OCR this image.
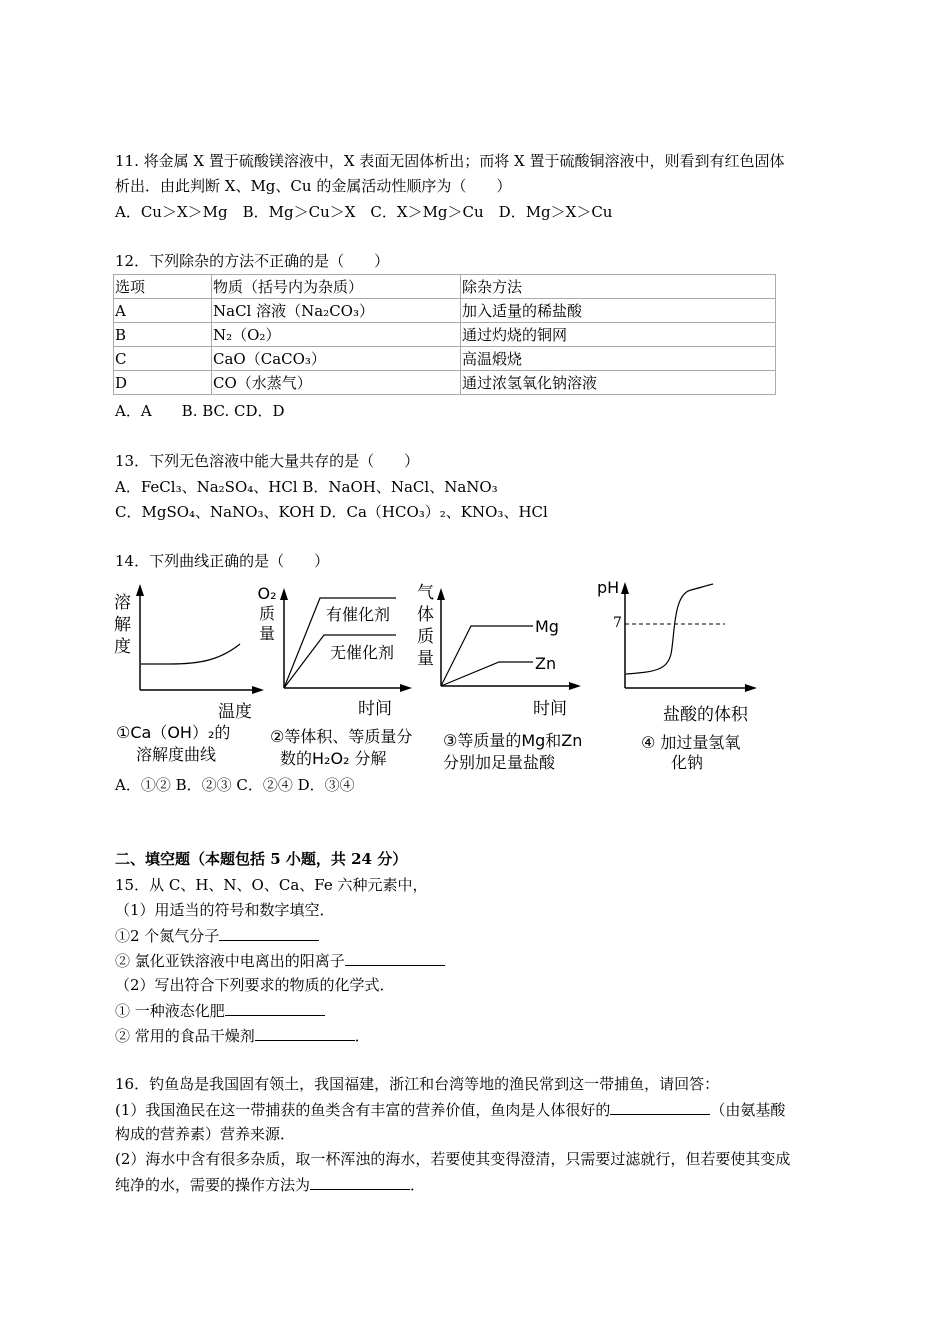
11. 将金属 X 置于硫酸镁溶液中，X 表面无固体析出；而将 X 置于硫酸铜溶液中，则看到有红色固体
析出．由此判断 X、Mg、Cu 的金属活动性顺序为（　　）
A．Cu＞X＞Mg　B．Mg＞Cu＞X　C．X＞Mg＞Cu　D．Mg＞X＞Cu
12．下列除杂的方法不正确的是（　　）
选项	物质（括号内为杂质）	除杂方法
A	NaCl 溶液（Na₂CO₃）	加入适量的稀盐酸
B	N₂（O₂）	通过灼烧的铜网
C	CaO（CaCO₃）	高温煅烧
D	CO（水蒸气）	通过浓氢氧化钠溶液
A．A　　B. BC. CD．D
13．下列无色溶液中能大量共存的是（　　）
A．FeCl₃、Na₂SO₄、HCl B．NaOH、NaCl、NaNO₃
C．MgSO₄、NaNO₃、KOH D．Ca（HCO₃）₂、KNO₃、HCl
14．下列曲线正确的是（　　）
溶
解
度
温度
①Ca（OH）₂的
溶解度曲线
O₂
质
量
有催化剂
无催化剂
时间
②等体积、等质量分
数的H₂O₂ 分解
气
体
质
量
Mg
Zn
时间
③等质量的Mg和Zn
分别加足量盐酸
pH
7
盐酸的体积
④ 加过量氢氧
化钠
A．①② B．②③ C．②④ D．③④
二、填空题（本题包括 5 小题，共 24 分）
15．从 C、H、N、O、Ca、Fe 六种元素中，
（1）用适当的符号和数字填空．
①2 个氮气分子
② 氯化亚铁溶液中电离出的阳离子
（2）写出符合下列要求的物质的化学式．
① 一种液态化肥
② 常用的食品干燥剂	．
16．钓鱼岛是我国固有领土，我国福建，浙江和台湾等地的渔民常到这一带捕鱼，请回答：
(1）我国渔民在这一带捕获的鱼类含有丰富的营养价值，鱼肉是人体很好的	（由氨基酸
构成的营养素）营养来源．
(2）海水中含有很多杂质，取一杯浑浊的海水，若要使其变得澄清，只需要过滤就行，但若要使其变成
纯净的水，需要的操作方法为	．
